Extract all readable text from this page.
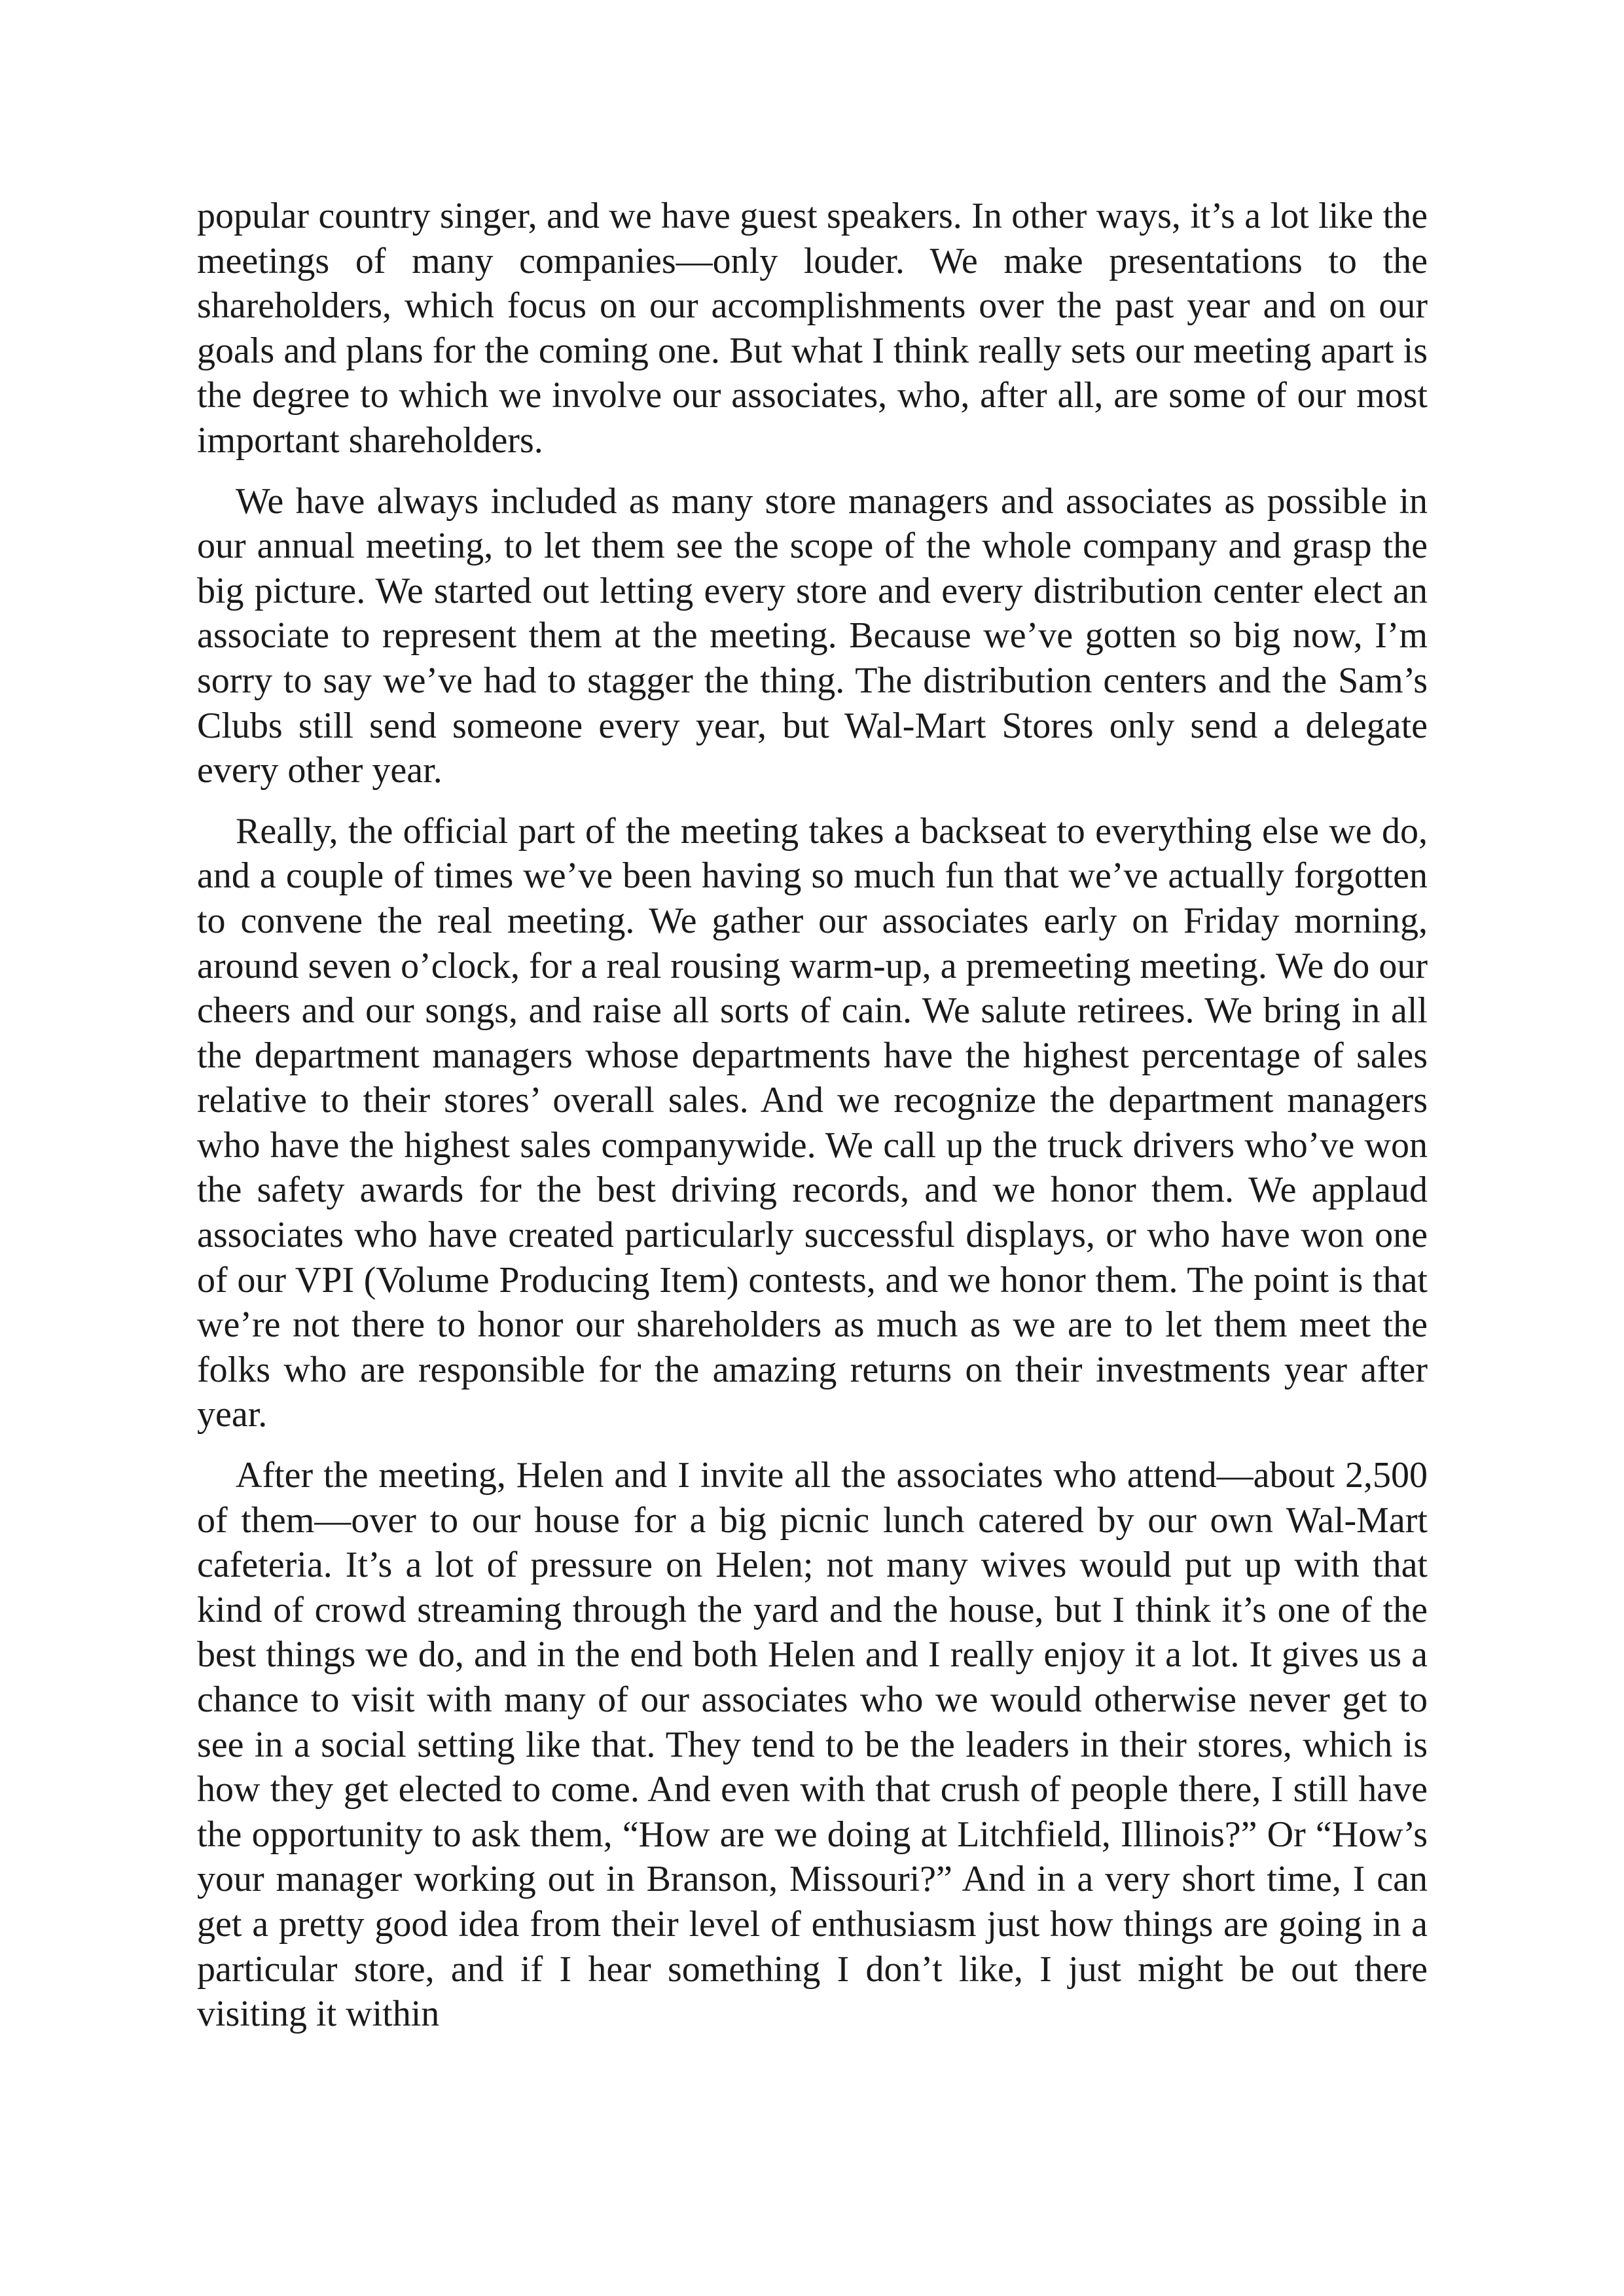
popular country singer, and we have guest speakers. In other ways, it’s a lot like the meetings of many companies—only louder. We make presentations to the shareholders, which focus on our accomplishments over the past year and on our goals and plans for the coming one. But what I think really sets our meeting apart is the degree to which we involve our associates, who, after all, are some of our most important shareholders.

We have always included as many store managers and associates as possible in our annual meeting, to let them see the scope of the whole company and grasp the big picture. We started out letting every store and every distribution center elect an associate to represent them at the meeting. Because we’ve gotten so big now, I’m sorry to say we’ve had to stagger the thing. The distribution centers and the Sam’s Clubs still send someone every year, but Wal-Mart Stores only send a delegate every other year.

Really, the official part of the meeting takes a backseat to everything else we do, and a couple of times we’ve been having so much fun that we’ve actually forgotten to convene the real meeting. We gather our associates early on Friday morning, around seven o’clock, for a real rousing warm-up, a premeeting meeting. We do our cheers and our songs, and raise all sorts of cain. We salute retirees. We bring in all the department managers whose departments have the highest percentage of sales relative to their stores’ overall sales. And we recognize the department managers who have the highest sales companywide. We call up the truck drivers who’ve won the safety awards for the best driving records, and we honor them. We applaud associates who have created particularly successful displays, or who have won one of our VPI (Volume Producing Item) contests, and we honor them. The point is that we’re not there to honor our shareholders as much as we are to let them meet the folks who are responsible for the amazing returns on their investments year after year.

After the meeting, Helen and I invite all the associates who attend—about 2,500 of them—over to our house for a big picnic lunch catered by our own Wal-Mart cafeteria. It’s a lot of pressure on Helen; not many wives would put up with that kind of crowd streaming through the yard and the house, but I think it’s one of the best things we do, and in the end both Helen and I really enjoy it a lot. It gives us a chance to visit with many of our associates who we would otherwise never get to see in a social setting like that. They tend to be the leaders in their stores, which is how they get elected to come. And even with that crush of people there, I still have the opportunity to ask them, “How are we doing at Litchfield, Illinois?” Or “How’s your manager working out in Branson, Missouri?” And in a very short time, I can get a pretty good idea from their level of enthusiasm just how things are going in a particular store, and if I hear something I don’t like, I just might be out there visiting it within
